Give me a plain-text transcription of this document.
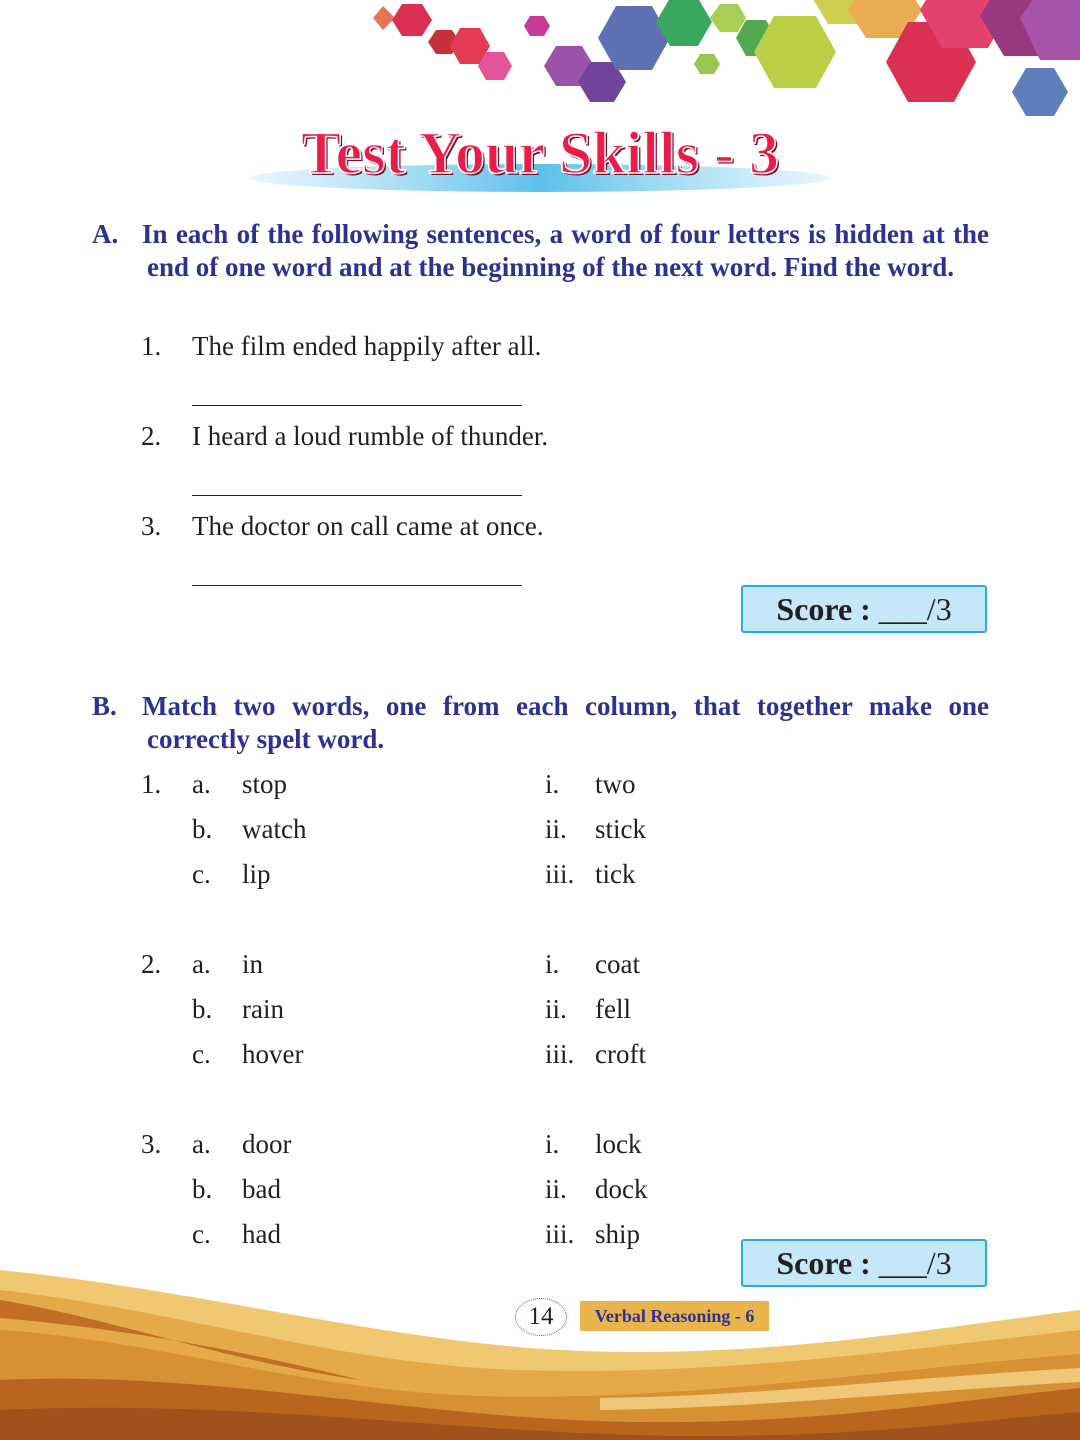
Test Your Skills - 3
A. In each of the following sentences, a word of four letters is hidden at the end of one word and at the beginning of the next word. Find the word.
1. The film ended happily after all.
2. I heard a loud rumble of thunder.
3. The doctor on call came at once.
Score : ___/3
B. Match two words, one from each column, that together make one correctly spelt word.
1. a. stop	i. two
b. watch	ii. stick
c. lip	iii. tick
2. a. in	i. coat
b. rain	ii. fell
c. hover	iii. croft
3. a. door	i. lock
b. bad	ii. dock
c. had	iii. ship
Score : ___/3
14	Verbal Reasoning - 6
